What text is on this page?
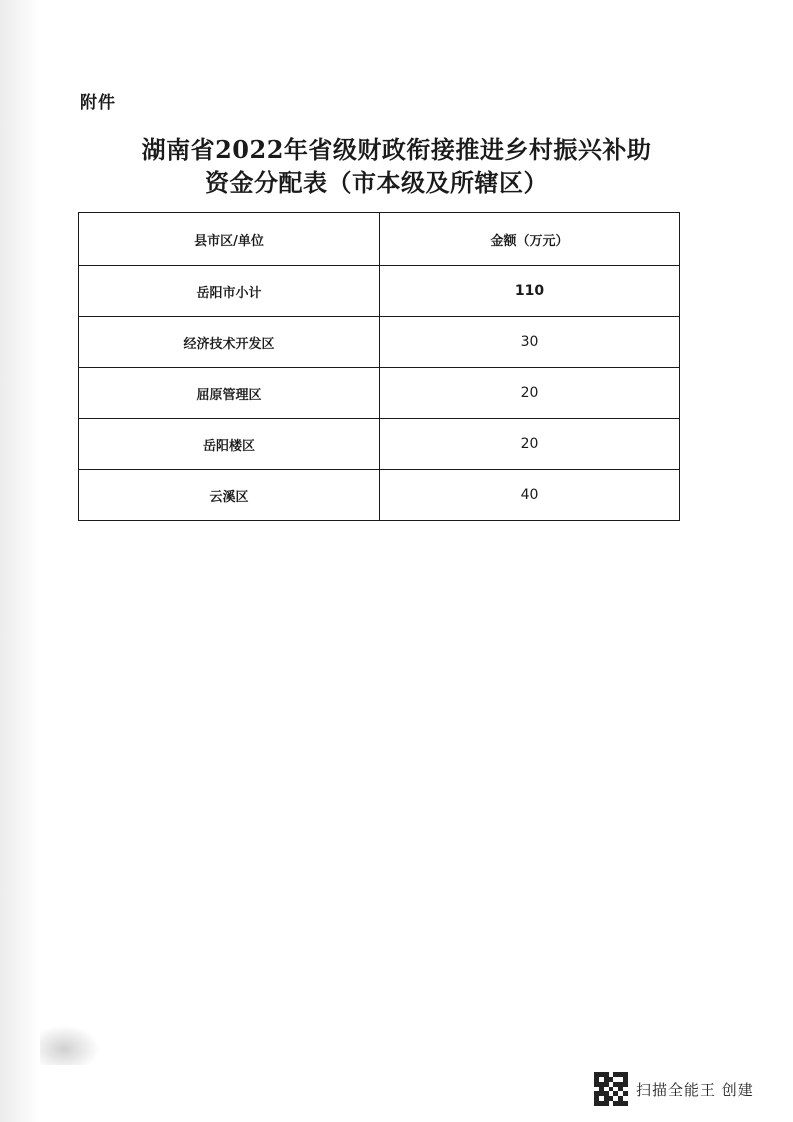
附件
湖南省2022年省级财政衔接推进乡村振兴补助
资金分配表（市本级及所辖区）
县市区/单位	金额（万元）
岳阳市小计	110
经济技术开发区	30
屈原管理区	20
岳阳楼区	20
云溪区	40
扫描全能王 创建
